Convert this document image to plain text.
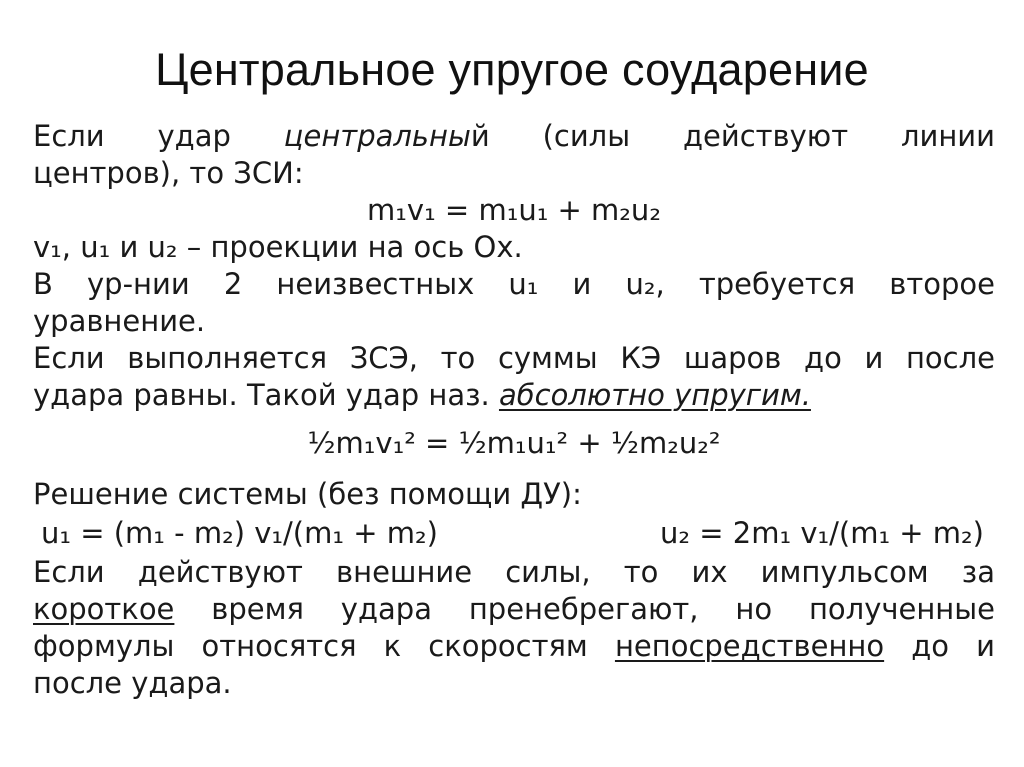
Центральное упругое соударение
Если удар центральный (силы действуют линии
центров), то ЗСИ:
m₁v₁ = m₁u₁ + m₂u₂
v₁, u₁ и u₂ – проекции на ось Ох.
В ур-нии 2 неизвестных u₁ и u₂, требуется второе
уравнение.
Если выполняется ЗСЭ, то суммы КЭ шаров до и после
удара равны. Такой удар наз. абсолютно упругим.
½m₁v₁² = ½m₁u₁² + ½m₂u₂²
Решение системы (без помощи ДУ):
u₁ = (m₁ - m₂) v₁/(m₁ + m₂)	u₂ = 2m₁ v₁/(m₁ + m₂)
Если действуют внешние силы, то их импульсом за
короткое время удара пренебрегают, но полученные
формулы относятся к скоростям непосредственно до и
после удара.
